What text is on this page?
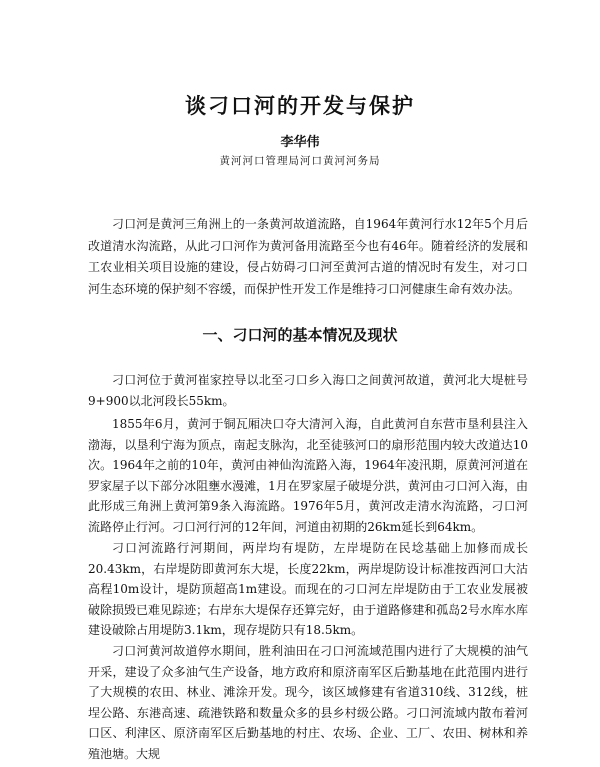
谈刁口河的开发与保护
李华伟
黄河河口管理局河口黄河河务局

刁口河是黄河三角洲上的一条黄河故道流路，自1964年黄河行水12年5个月后改道清水沟流路，从此刁口河作为黄河备用流路至今也有46年。随着经济的发展和工农业相关项目设施的建设，侵占妨碍刁口河至黄河古道的情况时有发生，对刁口河生态环境的保护刻不容缓，而保护性开发工作是维持刁口河健康生命有效办法。

一、刁口河的基本情况及现状

刁口河位于黄河崔家控导以北至刁口乡入海口之间黄河故道，黄河北大堤桩号9+900以北河段长55km。

1855年6月，黄河于铜瓦厢决口夺大清河入海，自此黄河自东营市垦利县注入渤海，以垦利宁海为顶点，南起支脉沟，北至徒骇河口的扇形范围内较大改道达10次。1964年之前的10年，黄河由神仙沟流路入海，1964年凌汛期，原黄河河道在罗家屋子以下部分冰阻壅水漫滩，1月在罗家屋子破堤分洪，黄河由刁口河入海，由此形成三角洲上黄河第9条入海流路。1976年5月，黄河改走清水沟流路，刁口河流路停止行河。刁口河行河的12年间，河道由初期的26km延长到64km。

刁口河流路行河期间，两岸均有堤防，左岸堤防在民埝基础上加修而成长20.43km，右岸堤防即黄河东大堤，长度22km，两岸堤防设计标准按西河口大沽高程10m设计，堤防顶超高1m建设。而现在的刁口河左岸堤防由于工农业发展被破除损毁已难见踪迹；右岸东大堤保存还算完好，由于道路修建和孤岛2号水库水库建设破除占用堤防3.1km，现存堤防只有18.5km。

刁口河黄河故道停水期间，胜利油田在刁口河流域范围内进行了大规模的油气开采，建设了众多油气生产设备，地方政府和原济南军区后勤基地在此范围内进行了大规模的农田、林业、滩涂开发。现今，该区域修建有省道310线、312线，桩埕公路、东港高速、疏港铁路和数量众多的县乡村级公路。刁口河流域内散布着河口区、利津区、原济南军区后勤基地的村庄、农场、企业、工厂、农田、树林和养殖池塘。大规
